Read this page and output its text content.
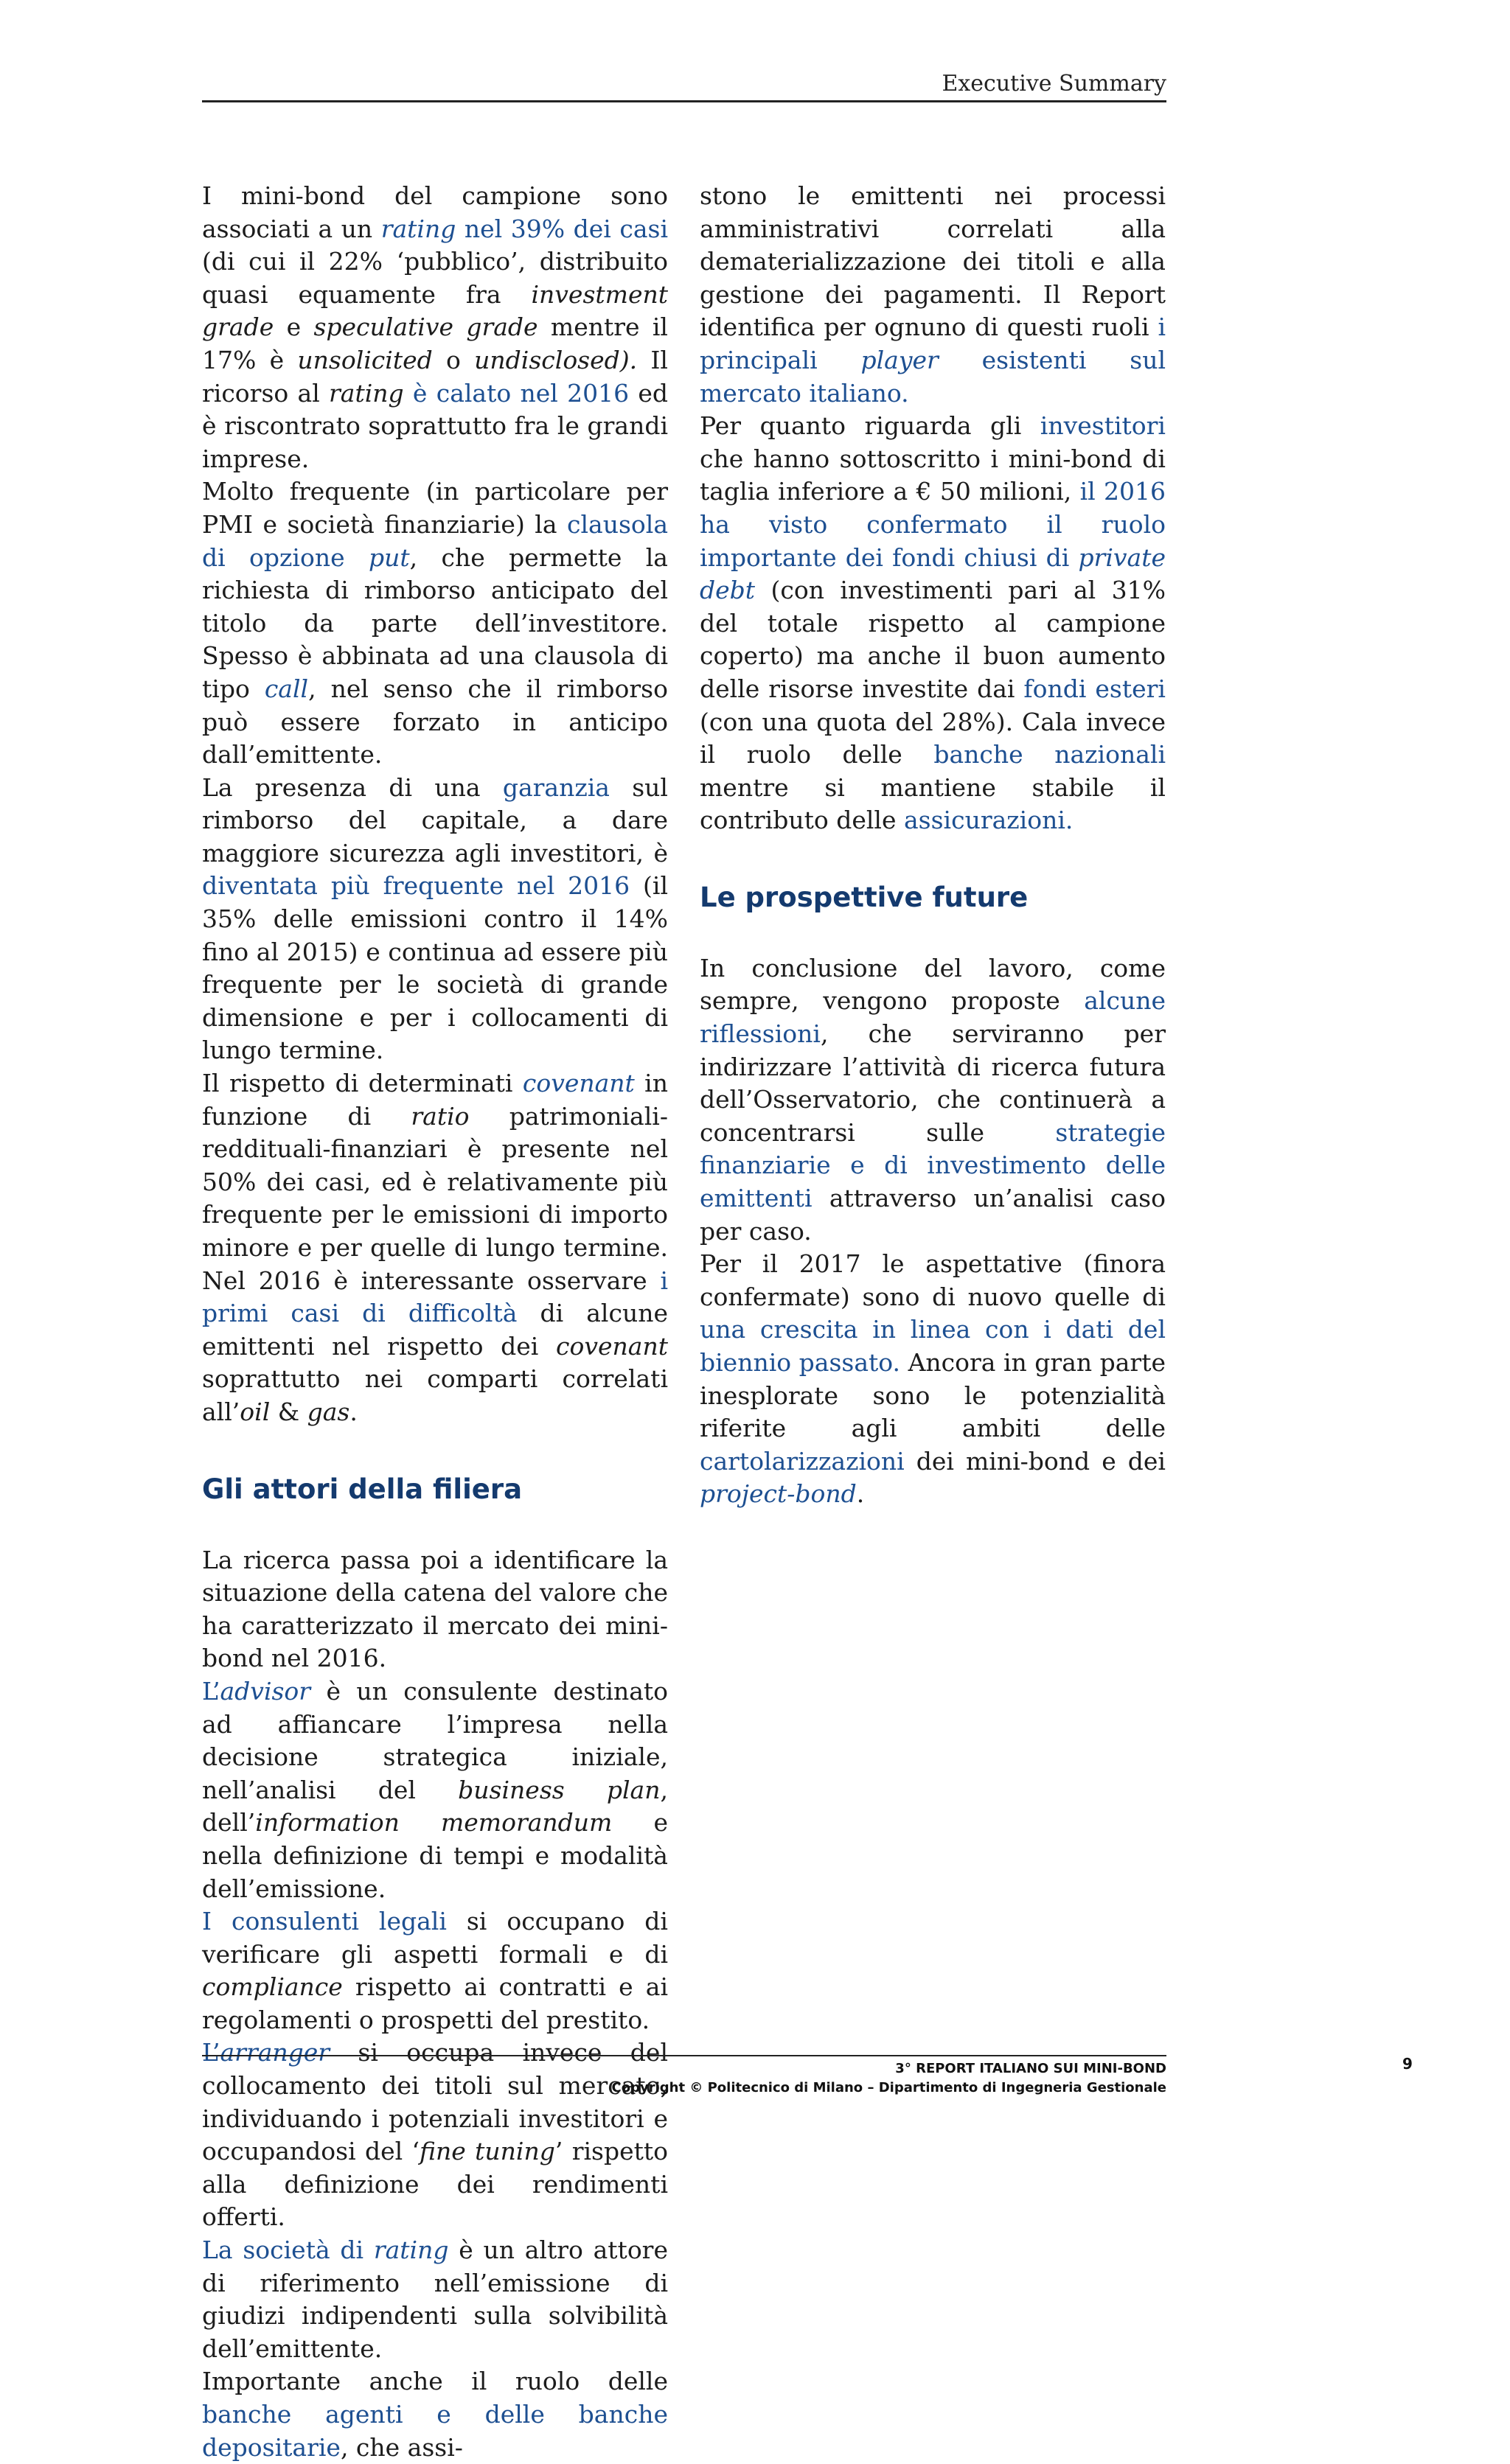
Executive Summary

I mini-bond del campione sono associati a un rating nel 39% dei casi (di cui il 22% ‘pubblico’, distribuito quasi equamente fra investment grade e speculative grade mentre il 17% è unsolicited o undisclosed). Il ricorso al rating è calato nel 2016 ed è riscontrato soprattutto fra le grandi imprese.

Molto frequente (in particolare per PMI e società finanziarie) la clausola di opzione put, che permette la richiesta di rimborso anticipato del titolo da parte dell’investitore. Spesso è abbinata ad una clausola di tipo call, nel senso che il rimborso può essere forzato in anticipo dall’emittente.

La presenza di una garanzia sul rimborso del capitale, a dare maggiore sicurezza agli investitori, è diventata più frequente nel 2016 (il 35% delle emissioni contro il 14% fino al 2015) e continua ad essere più frequente per le società di grande dimensione e per i collocamenti di lungo termine.

Il rispetto di determinati covenant in funzione di ratio patrimoniali-reddituali-finanziari è presente nel 50% dei casi, ed è relativamente più frequente per le emissioni di importo minore e per quelle di lungo termine. Nel 2016 è interessante osservare i primi casi di difficoltà di alcune emittenti nel rispetto dei covenant soprattutto nei comparti correlati all’oil & gas.

Gli attori della filiera

La ricerca passa poi a identificare la situazione della catena del valore che ha caratterizzato il mercato dei mini-bond nel 2016.

L’advisor è un consulente destinato ad affiancare l’impresa nella decisione strategica iniziale, nell’analisi del business plan, dell’information memorandum e nella definizione di tempi e modalità dell’emissione.

I consulenti legali si occupano di verificare gli aspetti formali e di compliance rispetto ai contratti e ai regolamenti o prospetti del prestito.

L’arranger si occupa invece del collocamento dei titoli sul mercato, individuando i potenziali investitori e occupandosi del ‘fine tuning’ rispetto alla definizione dei rendimenti offerti.

La società di rating è un altro attore di riferimento nell’emissione di giudizi indipendenti sulla solvibilità dell’emittente.

Importante anche il ruolo delle banche agenti e delle banche depositarie, che assi-

stono le emittenti nei processi amministrativi correlati alla dematerializzazione dei titoli e alla gestione dei pagamenti. Il Report identifica per ognuno di questi ruoli i principali player esistenti sul mercato italiano.

Per quanto riguarda gli investitori che hanno sottoscritto i mini-bond di taglia inferiore a € 50 milioni, il 2016 ha visto confermato il ruolo importante dei fondi chiusi di private debt (con investimenti pari al 31% del totale rispetto al campione coperto) ma anche il buon aumento delle risorse investite dai fondi esteri (con una quota del 28%). Cala invece il ruolo delle banche nazionali mentre si mantiene stabile il contributo delle assicurazioni.

Le prospettive future

In conclusione del lavoro, come sempre, vengono proposte alcune riflessioni, che serviranno per indirizzare l’attività di ricerca futura dell’Osservatorio, che continuerà a concentrarsi sulle strategie finanziarie e di investimento delle emittenti attraverso un’analisi caso per caso.

Per il 2017 le aspettative (finora confermate) sono di nuovo quelle di una crescita in linea con i dati del biennio passato. Ancora in gran parte inesplorate sono le potenzialità riferite agli ambiti delle cartolarizzazioni dei mini-bond e dei project-bond.

3° REPORT ITALIANO SUI MINI-BOND
Copyright © Politecnico di Milano – Dipartimento di Ingegneria Gestionale
9
